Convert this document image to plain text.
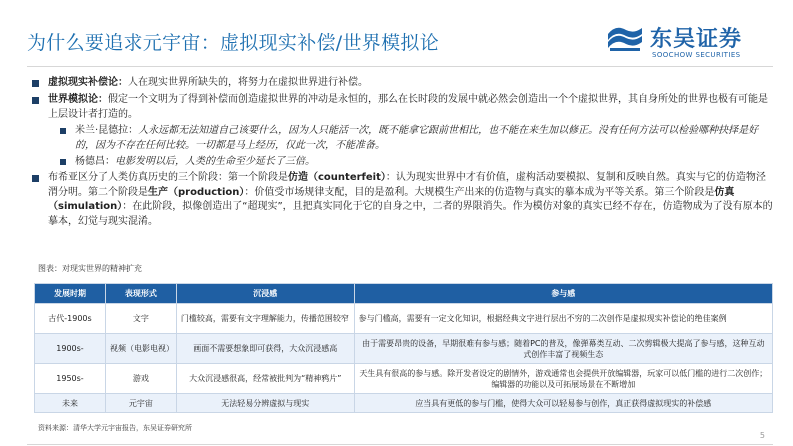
为什么要追求元宇宙：虚拟现实补偿/世界模拟论	东吴证券
SOOCHOW SECURITIES
虚拟现实补偿论：人在现实世界所缺失的，将努力在虚拟世界进行补偿。
世界模拟论：假定一个文明为了得到补偿而创造虚拟世界的冲动是永恒的，那么在长时段的发展中就必然会创造出一个个虚拟世界，其自身所处的世界也极有可能是上层设计者打造的。
米兰·昆德拉：人永远都无法知道自己该要什么，因为人只能活一次，既不能拿它跟前世相比，也不能在来生加以修正。没有任何方法可以检验哪种抉择是好的，因为不存在任何比较。一切都是马上经历，仅此一次，不能准备。
杨德昌：电影发明以后，人类的生命至少延长了三倍。
布希亚区分了人类仿真历史的三个阶段：第一个阶段是仿造（counterfeit）：认为现实世界中才有价值，虚构活动要模拟、复制和反映自然。真实与它的仿造物泾渭分明。第二个阶段是生产（production）：价值受市场规律支配，目的是盈利。大规模生产出来的仿造物与真实的摹本成为平等关系。第三个阶段是仿真（simulation）：在此阶段，拟像创造出了“超现实”，且把真实同化于它的自身之中，二者的界限消失。作为模仿对象的真实已经不存在，仿造物成为了没有原本的摹本，幻觉与现实混淆。
图表：对现实世界的精神扩充
发展时期	表现形式	沉浸感	参与感
古代-1900s	文字	门槛较高，需要有文字理解能力，传播范围较窄	参与门槛高，需要有一定文化知识，根据经典文字进行层出不穷的二次创作是虚拟现实补偿论的绝佳案例
1900s-	视频（电影电视）	画面不需要想象即可获得，大众沉浸感高	由于需要昂贵的设备，早期很难有参与感；随着PC的普及，像弹幕类互动、二次剪辑极大提高了参与感，这种互动式创作丰富了视频生态
1950s-	游戏	大众沉浸感很高，经常被批判为“精神鸦片”	天生具有很高的参与感。除开发者设定的剧情外，游戏通常也会提供开放编辑器，玩家可以低门槛的进行二次创作；编辑器的功能以及可拓展场景在不断增加
未来	元宇宙	无法轻易分辨虚拟与现实	应当具有更低的参与门槛，使得大众可以轻易参与创作，真正获得虚拟现实的补偿感
资料来源：清华大学元宇宙报告，东吴证券研究所
5
